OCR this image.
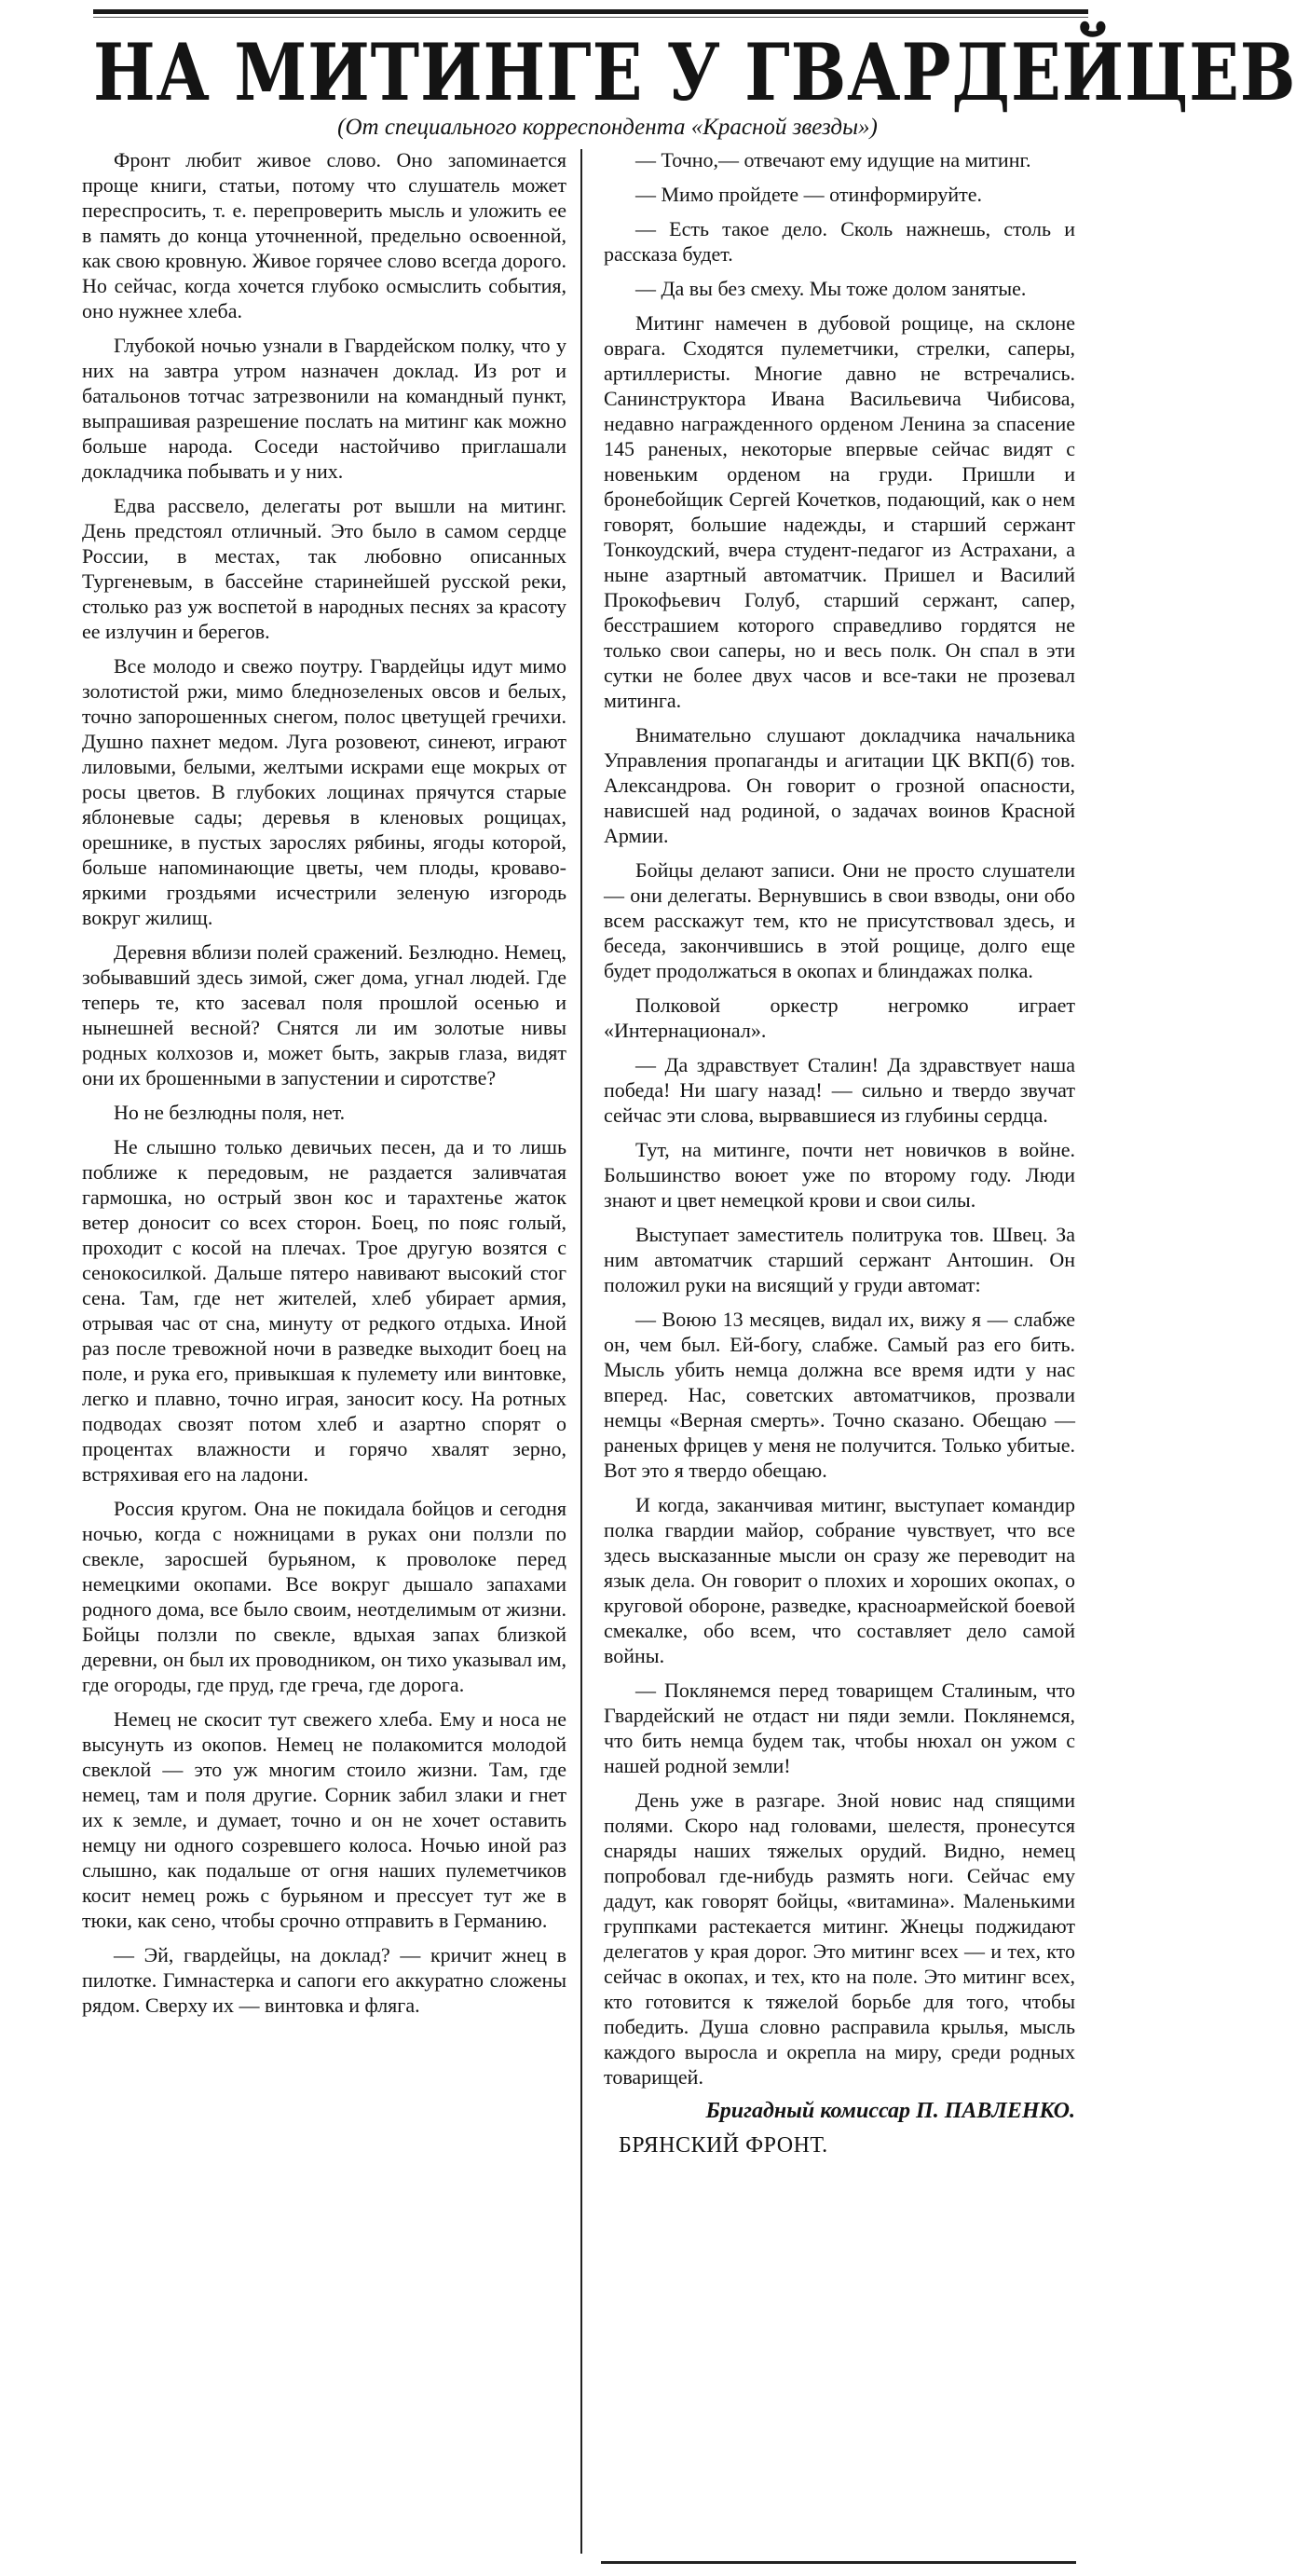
НА МИТИНГЕ У ГВАРДЕЙЦЕВ

(От специального корреспондента «Красной звезды»)

Фронт любит живое слово. Оно запоминается проще книги, статьи, потому что слушатель может переспросить, т. е. перепроверить мысль и уложить ее в память до конца уточненной, предельно освоенной, как свою кровную. Живое горячее слово всегда дорого. Но сейчас, когда хочется глубоко осмыслить события, оно нужнее хлеба.

Глубокой ночью узнали в Гвардейском полку, что у них на завтра утром назначен доклад. Из рот и батальонов тотчас затрезвонили на командный пункт, выпрашивая разрешение послать на митинг как можно больше народа. Соседи настойчиво приглашали докладчика побывать и у них.

Едва рассвело, делегаты рот вышли на митинг. День предстоял отличный. Это было в самом сердце России, в местах, так любовно описанных Тургеневым, в бассейне старинейшей русской реки, столько раз уж воспетой в народных песнях за красоту ее излучин и берегов.

Все молодо и свежо поутру. Гвардейцы идут мимо золотистой ржи, мимо бледнозеленых овсов и белых, точно запорошенных снегом, полос цветущей гречихи. Душно пахнет медом. Луга розовеют, синеют, играют лиловыми, белыми, желтыми искрами еще мокрых от росы цветов. В глубоких лощинах прячутся старые яблоневые сады; деревья в кленовых рощицах, орешнике, в пустых зарослях рябины, ягоды которой, больше напоминающие цветы, чем плоды, кроваво-яркими гроздьями исчестрили зеленую изгородь вокруг жилищ.

Деревня вблизи полей сражений. Безлюдно. Немец, зобывавший здесь зимой, сжег дома, угнал людей. Где теперь те, кто засевал поля прошлой осенью и нынешней весной? Снятся ли им золотые нивы родных колхозов и, может быть, закрыв глаза, видят они их брошенными в запустении и сиротстве?

Но не безлюдны поля, нет.

Не слышно только девичьих песен, да и то лишь поближе к передовым, не раздается заливчатая гармошка, но острый звон кос и тарахтенье жаток ветер доносит со всех сторон. Боец, по пояс голый, проходит с косой на плечах. Трое другую возятся с сенокосилкой. Дальше пятеро навивают высокий стог сена. Там, где нет жителей, хлеб убирает армия, отрывая час от сна, минуту от редкого отдыха. Иной раз после тревожной ночи в разведке выходит боец на поле, и рука его, привыкшая к пулемету или винтовке, легко и плавно, точно играя, заносит косу. На ротных подводах свозят потом хлеб и азартно спорят о процентах влажности и горячо хвалят зерно, встряхивая его на ладони.

Россия кругом. Она не покидала бойцов и сегодня ночью, когда с ножницами в руках они ползли по свекле, заросшей бурьяном, к проволоке перед немецкими окопами. Все вокруг дышало запахами родного дома, все было своим, неотделимым от жизни. Бойцы ползли по свекле, вдыхая запах близкой деревни, он был их проводником, он тихо указывал им, где огороды, где пруд, где греча, где дорога.

Немец не скосит тут свежего хлеба. Ему и носа не высунуть из окопов. Немец не полакомится молодой свеклой — это уж многим стоило жизни. Там, где немец, там и поля другие. Сорник забил злаки и гнет их к земле, и думает, точно и он не хочет оставить немцу ни одного созревшего колоса. Ночью иной раз слышно, как подальше от огня наших пулеметчиков косит немец рожь с бурьяном и прессует тут же в тюки, как сено, чтобы срочно отправить в Германию.

— Эй, гвардейцы, на доклад? — кричит жнец в пилотке. Гимнастерка и сапоги его аккуратно сложены рядом. Сверху их — винтовка и фляга.

— Точно,— отвечают ему идущие на митинг.

— Мимо пройдете — отинформируйте.

— Есть такое дело. Сколь нажнешь, столь и рассказа будет.

— Да вы без смеху. Мы тоже долом занятые.

Митинг намечен в дубовой рощице, на склоне оврага. Сходятся пулеметчики, стрелки, саперы, артиллеристы. Многие давно не встречались. Санинструктора Ивана Васильевича Чибисова, недавно награжденного орденом Ленина за спасение 145 раненых, некоторые впервые сейчас видят с новеньким орденом на груди. Пришли и бронебойщик Сергей Кочетков, подающий, как о нем говорят, большие надежды, и старший сержант Тонкоудский, вчера студент-педагог из Астрахани, а ныне азартный автоматчик. Пришел и Василий Прокофьевич Голуб, старший сержант, сапер, бесстрашием которого справедливо гордятся не только свои саперы, но и весь полк. Он спал в эти сутки не более двух часов и все-таки не прозевал митинга.

Внимательно слушают докладчика начальника Управления пропаганды и агитации ЦК ВКП(б) тов. Александрова. Он говорит о грозной опасности, нависшей над родиной, о задачах воинов Красной Армии.

Бойцы делают записи. Они не просто слушатели — они делегаты. Вернувшись в свои взводы, они обо всем расскажут тем, кто не присутствовал здесь, и беседа, закончившись в этой рощице, долго еще будет продолжаться в окопах и блиндажах полка.

Полковой оркестр негромко играет «Интернационал».

— Да здравствует Сталин! Да здравствует наша победа! Ни шагу назад! — сильно и твердо звучат сейчас эти слова, вырвавшиеся из глубины сердца.

Тут, на митинге, почти нет новичков в войне. Большинство воюет уже по второму году. Люди знают и цвет немецкой крови и свои силы.

Выступает заместитель политрука тов. Швец. За ним автоматчик старший сержант Антошин. Он положил руки на висящий у груди автомат:

— Воюю 13 месяцев, видал их, вижу я — слабже он, чем был. Ей-богу, слабже. Самый раз его бить. Мысль убить немца должна все время идти у нас вперед. Нас, советских автоматчиков, прозвали немцы «Верная смерть». Точно сказано. Обещаю — раненых фрицев у меня не получится. Только убитые. Вот это я твердо обещаю.

И когда, заканчивая митинг, выступает командир полка гвардии майор, собрание чувствует, что все здесь высказанные мысли он сразу же переводит на язык дела. Он говорит о плохих и хороших окопах, о круговой обороне, разведке, красноармейской боевой смекалке, обо всем, что составляет дело самой войны.

— Поклянемся перед товарищем Сталиным, что Гвардейский не отдаст ни пяди земли. Поклянемся, что бить немца будем так, чтобы нюхал он ужом с нашей родной земли!

День уже в разгаре. Зной новис над спящими полями. Скоро над головами, шелестя, пронесутся снаряды наших тяжелых орудий. Видно, немец попробовал где-нибудь размять ноги. Сейчас ему дадут, как говорят бойцы, «витамина». Маленькими группками растекается митинг. Жнецы поджидают делегатов у края дорог. Это митинг всех — и тех, кто сейчас в окопах, и тех, кто на поле. Это митинг всех, кто готовится к тяжелой борьбе для того, чтобы победить. Душа словно расправила крылья, мысль каждого выросла и окрепла на миру, среди родных товарищей.

Бригадный комиссар П. ПАВЛЕНКО.

БРЯНСКИЙ ФРОНТ.
